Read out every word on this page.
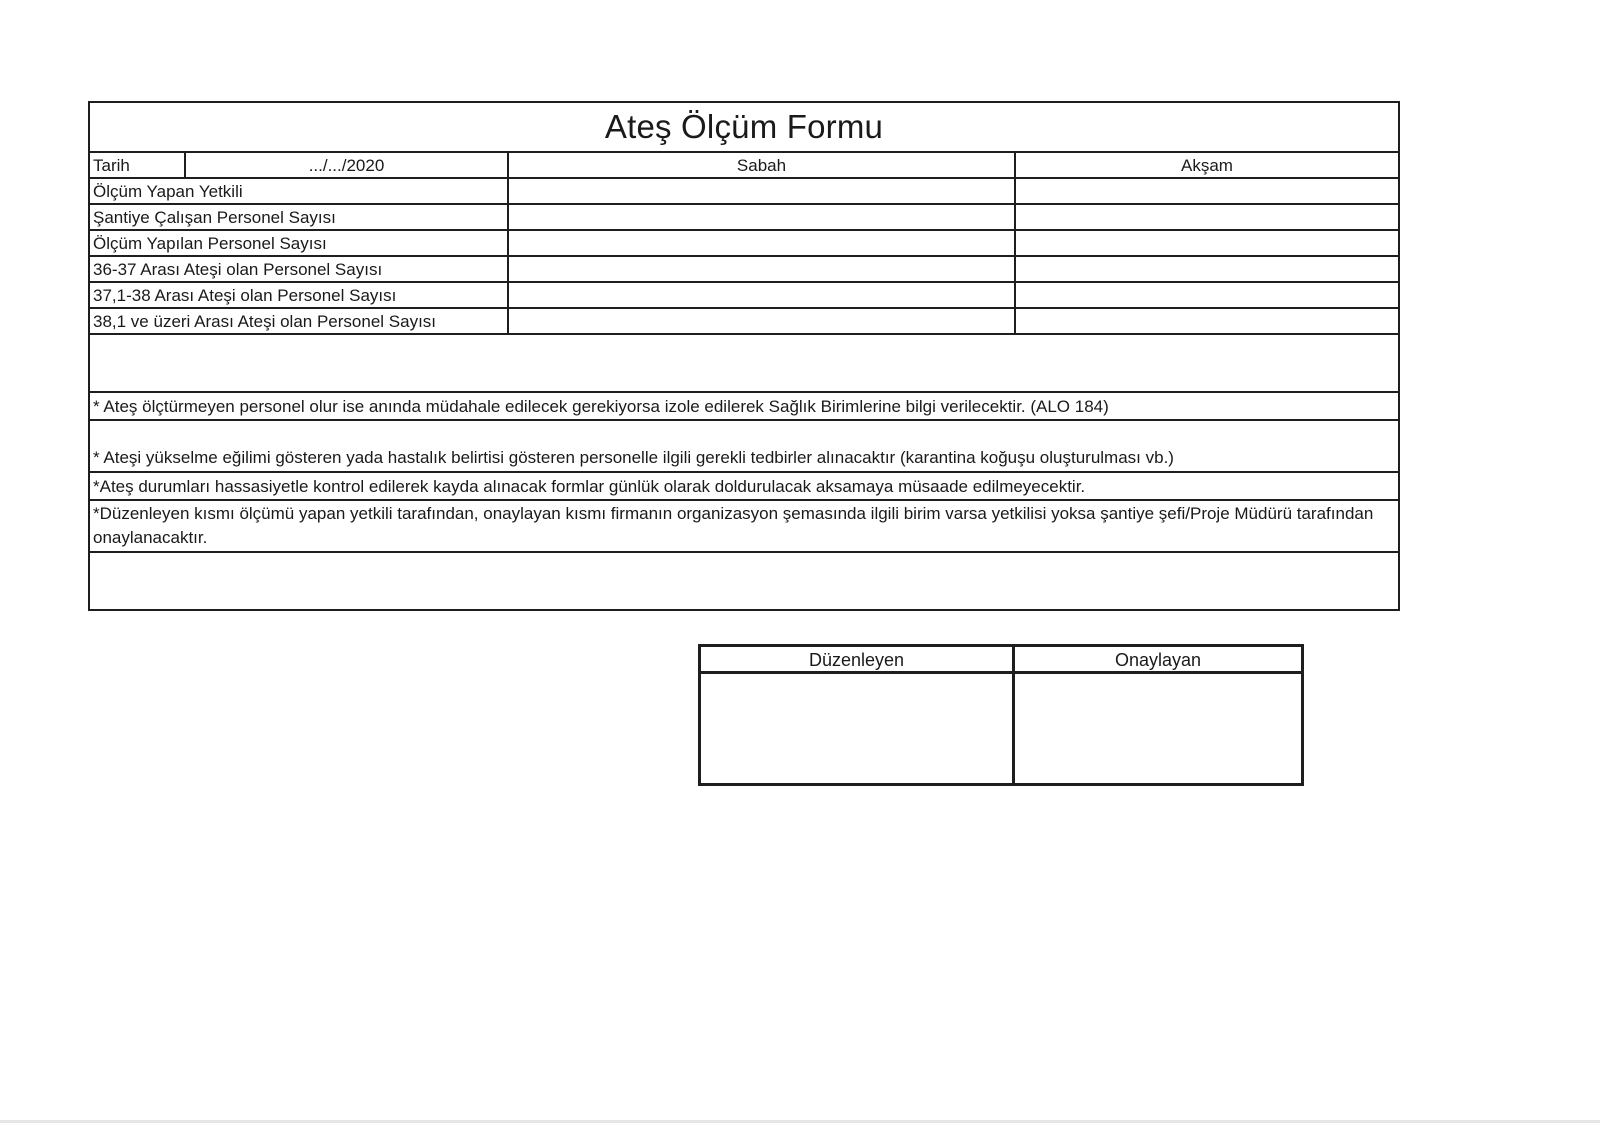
Ateş Ölçüm Formu
Tarih	.../.../2020	Sabah	Akşam
Ölçüm Yapan Yetkili
Şantiye Çalışan Personel Sayısı
Ölçüm Yapılan Personel Sayısı
36-37 Arası Ateşi olan Personel Sayısı
37,1-38 Arası Ateşi olan Personel Sayısı
38,1 ve üzeri Arası Ateşi olan Personel Sayısı
* Ateş ölçtürmeyen personel olur ise anında müdahale edilecek gerekiyorsa izole edilerek Sağlık Birimlerine bilgi verilecektir. (ALO 184)
* Ateşi yükselme eğilimi gösteren yada hastalık belirtisi gösteren personelle ilgili gerekli tedbirler alınacaktır (karantina koğuşu oluşturulması vb.)
*Ateş durumları hassasiyetle kontrol edilerek kayda alınacak formlar günlük olarak doldurulacak aksamaya müsaade edilmeyecektir.
*Düzenleyen kısmı ölçümü yapan yetkili tarafından, onaylayan kısmı firmanın organizasyon şemasında ilgili birim varsa yetkilisi yoksa şantiye şefi/Proje Müdürü tarafından onaylanacaktır.
Düzenleyen	Onaylayan
